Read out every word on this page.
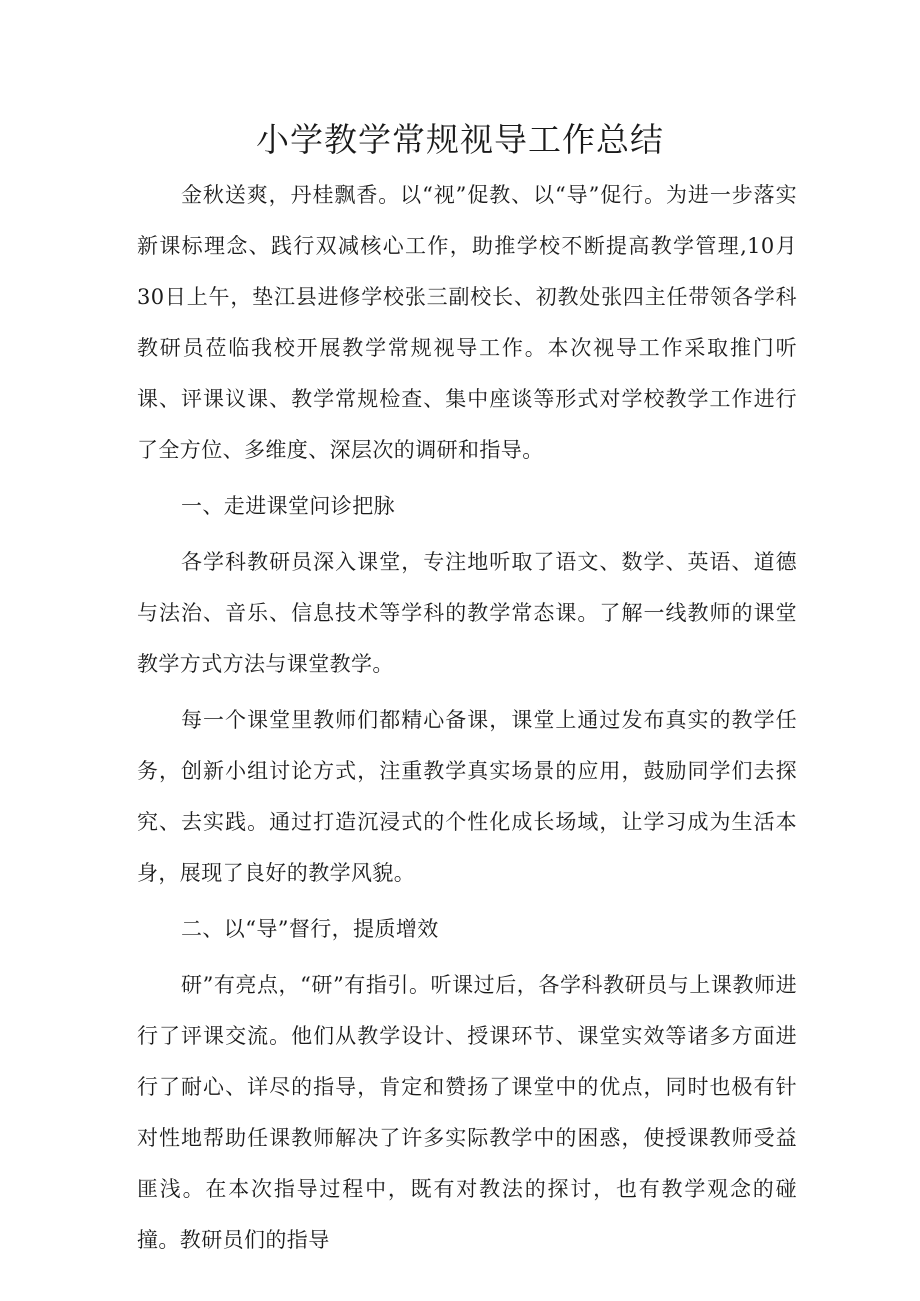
小学教学常规视导工作总结

金秋送爽，丹桂飘香。以“视”促教、以“导”促行。为进一步落实新课标理念、践行双减核心工作，助推学校不断提高教学管理,10月30日上午，垫江县进修学校张三副校长、初教处张四主任带领各学科教研员莅临我校开展教学常规视导工作。本次视导工作采取推门听课、评课议课、教学常规检查、集中座谈等形式对学校教学工作进行了全方位、多维度、深层次的调研和指导。

一、走进课堂问诊把脉

各学科教研员深入课堂，专注地听取了语文、数学、英语、道德与法治、音乐、信息技术等学科的教学常态课。了解一线教师的课堂教学方式方法与课堂教学。

每一个课堂里教师们都精心备课，课堂上通过发布真实的教学任务，创新小组讨论方式，注重教学真实场景的应用，鼓励同学们去探究、去实践。通过打造沉浸式的个性化成长场域，让学习成为生活本身，展现了良好的教学风貌。

二、以“导”督行，提质增效

研”有亮点，“研”有指引。听课过后，各学科教研员与上课教师进行了评课交流。他们从教学设计、授课环节、课堂实效等诸多方面进行了耐心、详尽的指导，肯定和赞扬了课堂中的优点，同时也极有针对性地帮助任课教师解决了许多实际教学中的困惑，使授课教师受益匪浅。在本次指导过程中，既有对教法的探讨，也有教学观念的碰撞。教研员们的指导
